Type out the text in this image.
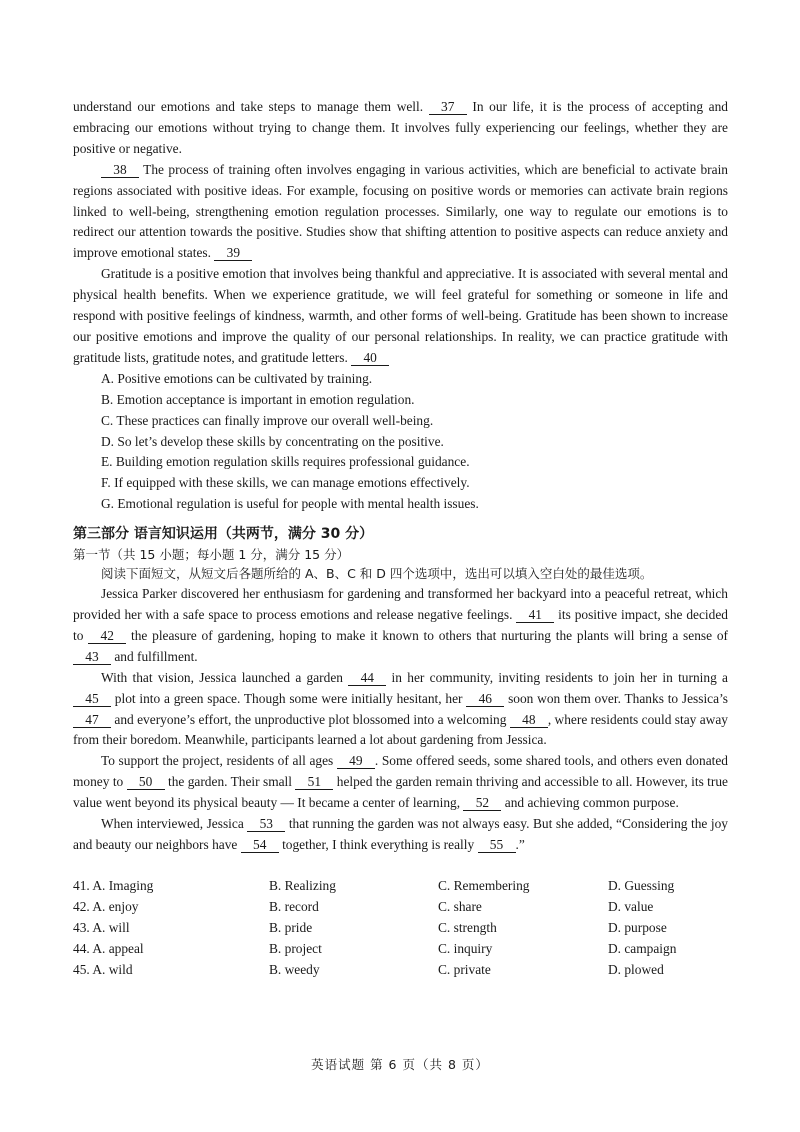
understand our emotions and take steps to manage them well. 37 In our life, it is the process of accepting and embracing our emotions without trying to change them. It involves fully experiencing our feelings, whether they are positive or negative.

38 The process of training often involves engaging in various activities, which are beneficial to activate brain regions associated with positive ideas. For example, focusing on positive words or memories can activate brain regions linked to well-being, strengthening emotion regulation processes. Similarly, one way to regulate our emotions is to redirect our attention towards the positive. Studies show that shifting attention to positive aspects can reduce anxiety and improve emotional states. 39

Gratitude is a positive emotion that involves being thankful and appreciative. It is associated with several mental and physical health benefits. When we experience gratitude, we will feel grateful for something or someone in life and respond with positive feelings of kindness, warmth, and other forms of well-being. Gratitude has been shown to increase our positive emotions and improve the quality of our personal relationships. In reality, we can practice gratitude with gratitude lists, gratitude notes, and gratitude letters. 40

A. Positive emotions can be cultivated by training.
B. Emotion acceptance is important in emotion regulation.
C. These practices can finally improve our overall well-being.
D. So let’s develop these skills by concentrating on the positive.
E. Building emotion regulation skills requires professional guidance.
F. If equipped with these skills, we can manage emotions effectively.
G. Emotional regulation is useful for people with mental health issues.
第三部分 语言知识运用（共两节，满分 30 分）
第一节（共 15 小题；每小题 1 分，满分 15 分）
阅读下面短文，从短文后各题所给的 A、B、C 和 D 四个选项中，选出可以填入空白处的最佳选项。

Jessica Parker discovered her enthusiasm for gardening and transformed her backyard into a peaceful retreat, which provided her with a safe space to process emotions and release negative feelings. 41 its positive impact, she decided to 42 the pleasure of gardening, hoping to make it known to others that nurturing the plants will bring a sense of 43 and fulfillment.

With that vision, Jessica launched a garden 44 in her community, inviting residents to join her in turning a 45 plot into a green space. Though some were initially hesitant, her 46 soon won them over. Thanks to Jessica’s 47 and everyone’s effort, the unproductive plot blossomed into a welcoming 48 , where residents could stay away from their boredom. Meanwhile, participants learned a lot about gardening from Jessica.

To support the project, residents of all ages 49 . Some offered seeds, some shared tools, and others even donated money to 50 the garden. Their small 51 helped the garden remain thriving and accessible to all. However, its true value went beyond its physical beauty — It became a center of learning, 52 and achieving common purpose.

When interviewed, Jessica 53 that running the garden was not always easy. But she added, “Considering the joy and beauty our neighbors have 54 together, I think everything is really 55 .”

41. A. Imaging	B. Realizing	C. Remembering	D. Guessing
42. A. enjoy	B. record	C. share	D. value
43. A. will	B. pride	C. strength	D. purpose
44. A. appeal	B. project	C. inquiry	D. campaign
45. A. wild	B. weedy	C. private	D. plowed
英语试题 第 6 页（共 8 页）
